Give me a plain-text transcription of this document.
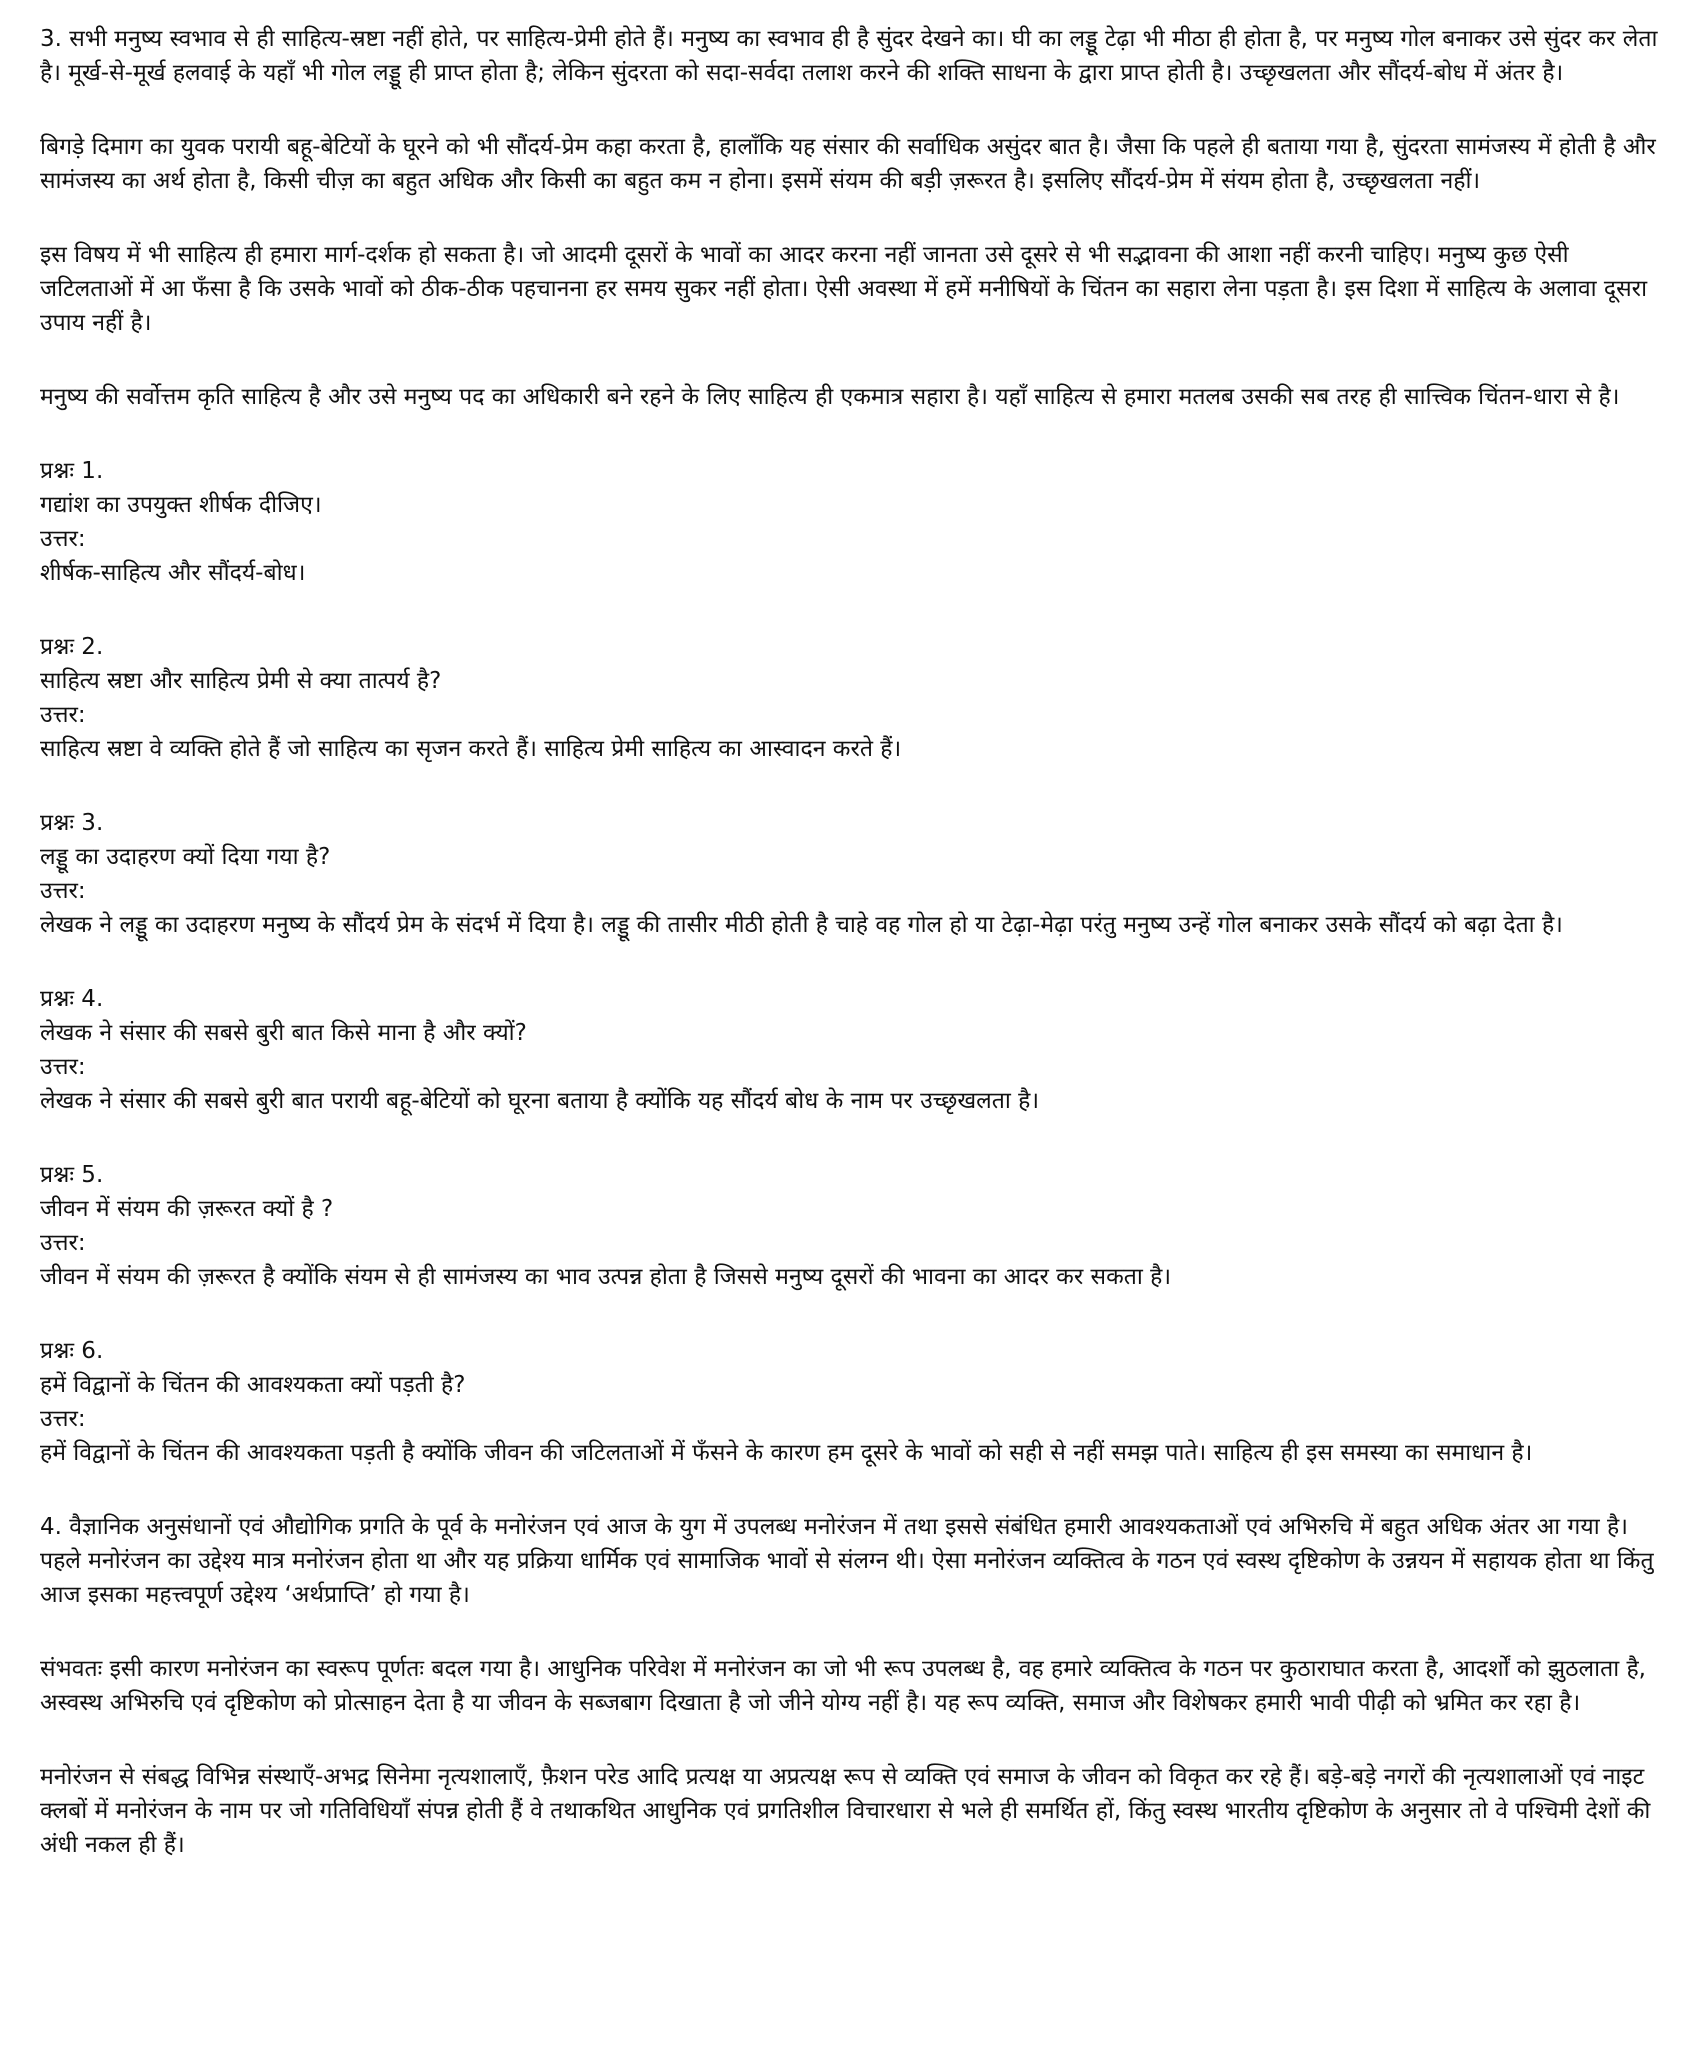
3. सभी मनुष्य स्वभाव से ही साहित्य-स्रष्टा नहीं होते, पर साहित्य-प्रेमी होते हैं। मनुष्य का स्वभाव ही है सुंदर देखने का। घी का लड्डू टेढ़ा भी मीठा ही होता है, पर मनुष्य गोल बनाकर उसे सुंदर कर लेता है। मूर्ख-से-मूर्ख हलवाई के यहाँ भी गोल लड्डू ही प्राप्त होता है; लेकिन सुंदरता को सदा-सर्वदा तलाश करने की शक्ति साधना के द्वारा प्राप्त होती है। उच्छृखलता और सौंदर्य-बोध में अंतर है।

बिगड़े दिमाग का युवक परायी बहू-बेटियों के घूरने को भी सौंदर्य-प्रेम कहा करता है, हालाँकि यह संसार की सर्वाधिक असुंदर बात है। जैसा कि पहले ही बताया गया है, सुंदरता सामंजस्य में होती है और सामंजस्य का अर्थ होता है, किसी चीज़ का बहुत अधिक और किसी का बहुत कम न होना। इसमें संयम की बड़ी ज़रूरत है। इसलिए सौंदर्य-प्रेम में संयम होता है, उच्छृखलता नहीं।

इस विषय में भी साहित्य ही हमारा मार्ग-दर्शक हो सकता है। जो आदमी दूसरों के भावों का आदर करना नहीं जानता उसे दूसरे से भी सद्भावना की आशा नहीं करनी चाहिए। मनुष्य कुछ ऐसी जटिलताओं में आ फँसा है कि उसके भावों को ठीक-ठीक पहचानना हर समय सुकर नहीं होता। ऐसी अवस्था में हमें मनीषियों के चिंतन का सहारा लेना पड़ता है। इस दिशा में साहित्य के अलावा दूसरा उपाय नहीं है।

मनुष्य की सर्वोत्तम कृति साहित्य है और उसे मनुष्य पद का अधिकारी बने रहने के लिए साहित्य ही एकमात्र सहारा है। यहाँ साहित्य से हमारा मतलब उसकी सब तरह ही सात्त्विक चिंतन-धारा से है।

प्रश्नः 1.

गद्यांश का उपयुक्त शीर्षक दीजिए।

उत्तर:

शीर्षक-साहित्य और सौंदर्य-बोध।

प्रश्नः 2.

साहित्य स्रष्टा और साहित्य प्रेमी से क्या तात्पर्य है?

उत्तर:

साहित्य स्रष्टा वे व्यक्ति होते हैं जो साहित्य का सृजन करते हैं। साहित्य प्रेमी साहित्य का आस्वादन करते हैं।

प्रश्नः 3.

लड्डू का उदाहरण क्यों दिया गया है?

उत्तर:

लेखक ने लड्डू का उदाहरण मनुष्य के सौंदर्य प्रेम के संदर्भ में दिया है। लड्डू की तासीर मीठी होती है चाहे वह गोल हो या टेढ़ा-मेढ़ा परंतु मनुष्य उन्हें गोल बनाकर उसके सौंदर्य को बढ़ा देता है।

प्रश्नः 4.

लेखक ने संसार की सबसे बुरी बात किसे माना है और क्यों?

उत्तर:

लेखक ने संसार की सबसे बुरी बात परायी बहू-बेटियों को घूरना बताया है क्योंकि यह सौंदर्य बोध के नाम पर उच्छृखलता है।

प्रश्नः 5.

जीवन में संयम की ज़रूरत क्यों है ?

उत्तर:

जीवन में संयम की ज़रूरत है क्योंकि संयम से ही सामंजस्य का भाव उत्पन्न होता है जिससे मनुष्य दूसरों की भावना का आदर कर सकता है।

प्रश्नः 6.

हमें विद्वानों के चिंतन की आवश्यकता क्यों पड़ती है?

उत्तर:

हमें विद्वानों के चिंतन की आवश्यकता पड़ती है क्योंकि जीवन की जटिलताओं में फँसने के कारण हम दूसरे के भावों को सही से नहीं समझ पाते। साहित्य ही इस समस्या का समाधान है।

4. वैज्ञानिक अनुसंधानों एवं औद्योगिक प्रगति के पूर्व के मनोरंजन एवं आज के युग में उपलब्ध मनोरंजन में तथा इससे संबंधित हमारी आवश्यकताओं एवं अभिरुचि में बहुत अधिक अंतर आ गया है। पहले मनोरंजन का उद्देश्य मात्र मनोरंजन होता था और यह प्रक्रिया धार्मिक एवं सामाजिक भावों से संलग्न थी। ऐसा मनोरंजन व्यक्तित्व के गठन एवं स्वस्थ दृष्टिकोण के उन्नयन में सहायक होता था किंतु आज इसका महत्त्वपूर्ण उद्देश्य ‘अर्थप्राप्ति’ हो गया है।

संभवतः इसी कारण मनोरंजन का स्वरूप पूर्णतः बदल गया है। आधुनिक परिवेश में मनोरंजन का जो भी रूप उपलब्ध है, वह हमारे व्यक्तित्व के गठन पर कुठाराघात करता है, आदर्शों को झुठलाता है, अस्वस्थ अभिरुचि एवं दृष्टिकोण को प्रोत्साहन देता है या जीवन के सब्जबाग दिखाता है जो जीने योग्य नहीं है। यह रूप व्यक्ति, समाज और विशेषकर हमारी भावी पीढ़ी को भ्रमित कर रहा है।

मनोरंजन से संबद्ध विभिन्न संस्थाएँ-अभद्र सिनेमा नृत्यशालाएँ, फ़ैशन परेड आदि प्रत्यक्ष या अप्रत्यक्ष रूप से व्यक्ति एवं समाज के जीवन को विकृत कर रहे हैं। बड़े-बड़े नगरों की नृत्यशालाओं एवं नाइट क्लबों में मनोरंजन के नाम पर जो गतिविधियाँ संपन्न होती हैं वे तथाकथित आधुनिक एवं प्रगतिशील विचारधारा से भले ही समर्थित हों, किंतु स्वस्थ भारतीय दृष्टिकोण के अनुसार तो वे पश्चिमी देशों की अंधी नकल ही हैं।
